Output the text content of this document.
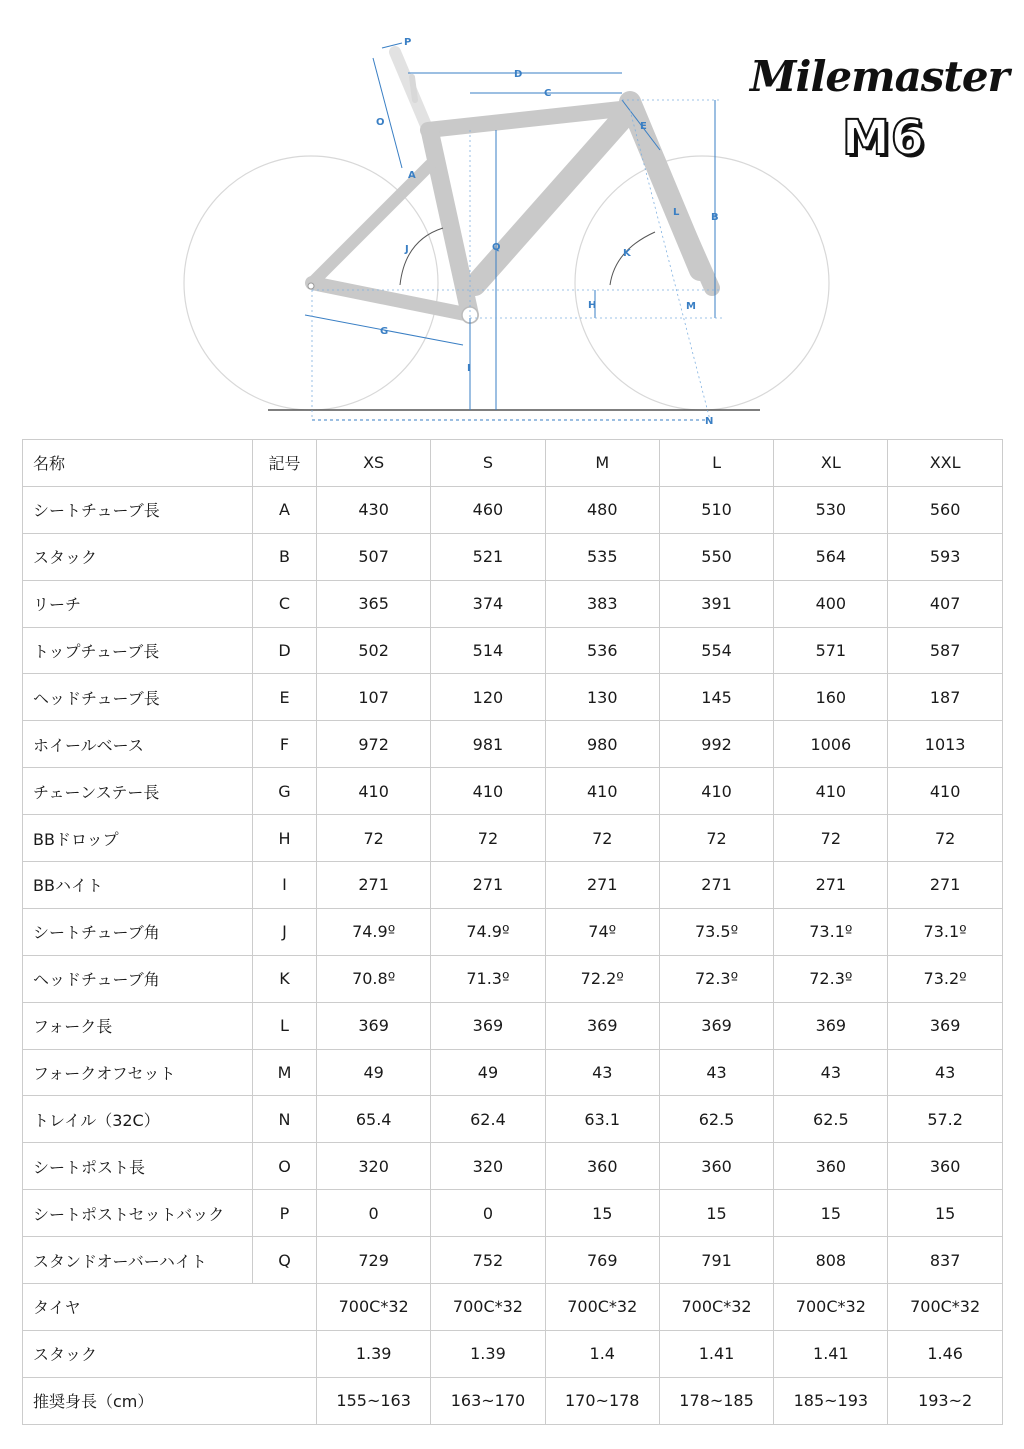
A
B
C
D
E
G
H
I
J	K
L
M
N
O
P
Q
Milemaster
M6
名称	記号	XS	S	M	L	XL	XXL
シートチューブ長	A	430	460	480	510	530	560
スタック	B	507	521	535	550	564	593
リーチ	C	365	374	383	391	400	407
トップチューブ長	D	502	514	536	554	571	587
ヘッドチューブ長	E	107	120	130	145	160	187
ホイールベース	F	972	981	980	992	1006	1013
チェーンステー長	G	410	410	410	410	410	410
BBドロップ	H	72	72	72	72	72	72
BBハイト	I	271	271	271	271	271	271
シートチューブ角	J	74.9º	74.9º	74º	73.5º	73.1º	73.1º
ヘッドチューブ角	K	70.8º	71.3º	72.2º	72.3º	72.3º	73.2º
フォーク長	L	369	369	369	369	369	369
フォークオフセット	M	49	49	43	43	43	43
トレイル（32C）	N	65.4	62.4	63.1	62.5	62.5	57.2
シートポスト長	O	320	320	360	360	360	360
シートポストセットバック	P	0	0	15	15	15	15
スタンドオーバーハイト	Q	729	752	769	791	808	837
タイヤ		700C*32	700C*32	700C*32	700C*32	700C*32	700C*32
スタック		1.39	1.39	1.4	1.41	1.41	1.46
推奨身長（cm）		155~163	163~170	170~178	178~185	185~193	193~2
